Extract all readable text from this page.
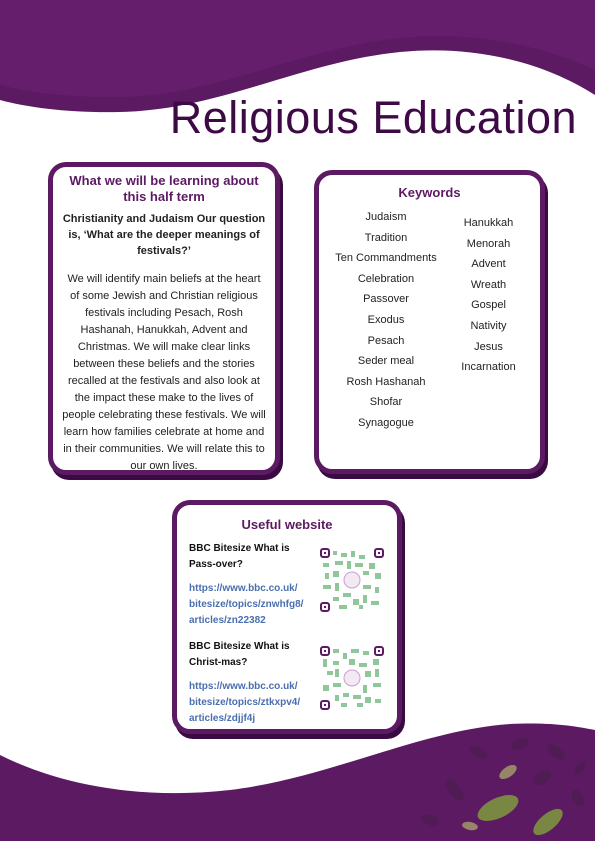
Religious Education
What we will be learning about this half term
Christianity and Judaism Our question is, ‘What are the deeper meanings of festivals?’
We will identify main beliefs at the heart of some Jewish and Christian religious festivals including Pesach, Rosh Hashanah, Hanukkah, Advent and Christmas. We will make clear links between these beliefs and the stories recalled at the festivals and also look at the impact these make to the lives of people celebrating these festivals. We will learn how families celebrate at home and in their communities. We will relate this to our own lives.
Keywords
Judaism
Tradition
Ten Commandments
Celebration
Passover
Exodus
Pesach
Seder meal
Rosh Hashanah
Shofar
Synagogue
Hanukkah
Menorah
Advent
Wreath
Gospel
Nativity
Jesus
Incarnation
Useful website
BBC Bitesize What is Pass-over?
https://www.bbc.co.uk/ bitesize/topics/znwhfg8/ articles/zn22382
BBC Bitesize What is Christ-mas?
https://www.bbc.co.uk/ bitesize/topics/ztkxpv4/ articles/zdjjf4j
